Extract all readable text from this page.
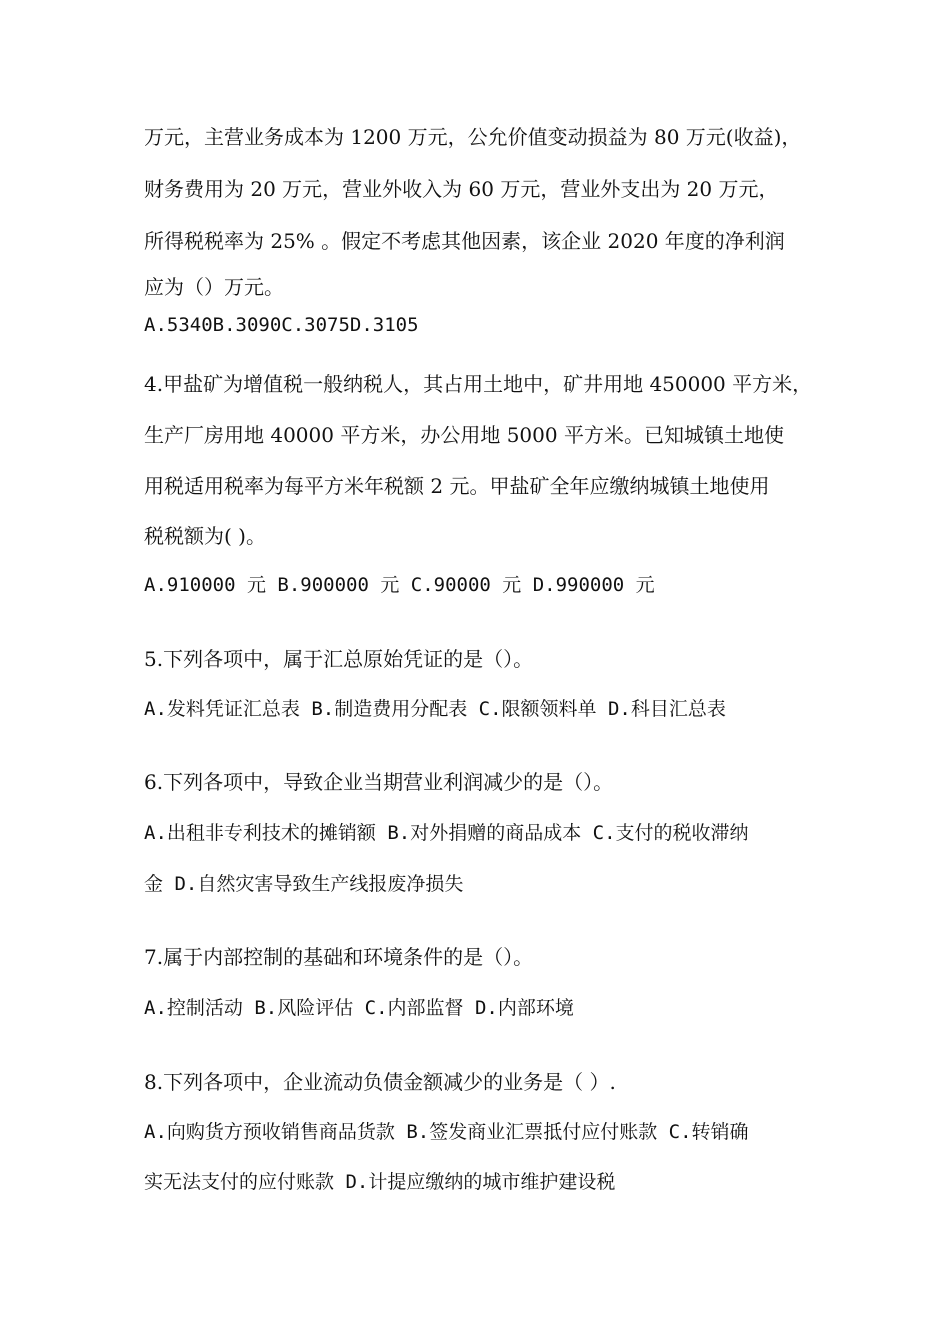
万元，主营业务成本为 1200 万元，公允价值变动损益为 80 万元(收益)，
财务费用为 20 万元，营业外收入为 60 万元，营业外支出为 20 万元，
所得税税率为 25% 。假定不考虑其他因素，该企业 2020 年度的净利润
应为（）万元。
A.5340B.3090C.3075D.3105
4.甲盐矿为增值税一般纳税人，其占用土地中，矿井用地 450000 平方米，
生产厂房用地 40000 平方米，办公用地 5000 平方米。已知城镇土地使
用税适用税率为每平方米年税额 2 元。甲盐矿全年应缴纳城镇土地使用
税税额为( )。
A.910000 元 B.900000 元 C.90000 元 D.990000 元
5.下列各项中，属于汇总原始凭证的是（）。
A.发料凭证汇总表 B.制造费用分配表 C.限额领料单 D.科目汇总表
6.下列各项中，导致企业当期营业利润减少的是（）。
A.出租非专利技术的摊销额 B.对外捐赠的商品成本 C.支付的税收滞纳
金 D.自然灾害导致生产线报废净损失
7.属于内部控制的基础和环境条件的是（）。
A.控制活动 B.风险评估 C.内部监督 D.内部环境
8.下列各项中，企业流动负债金额减少的业务是（ ）.
A.向购货方预收销售商品货款 B.签发商业汇票抵付应付账款 C.转销确
实无法支付的应付账款 D.计提应缴纳的城市维护建设税
